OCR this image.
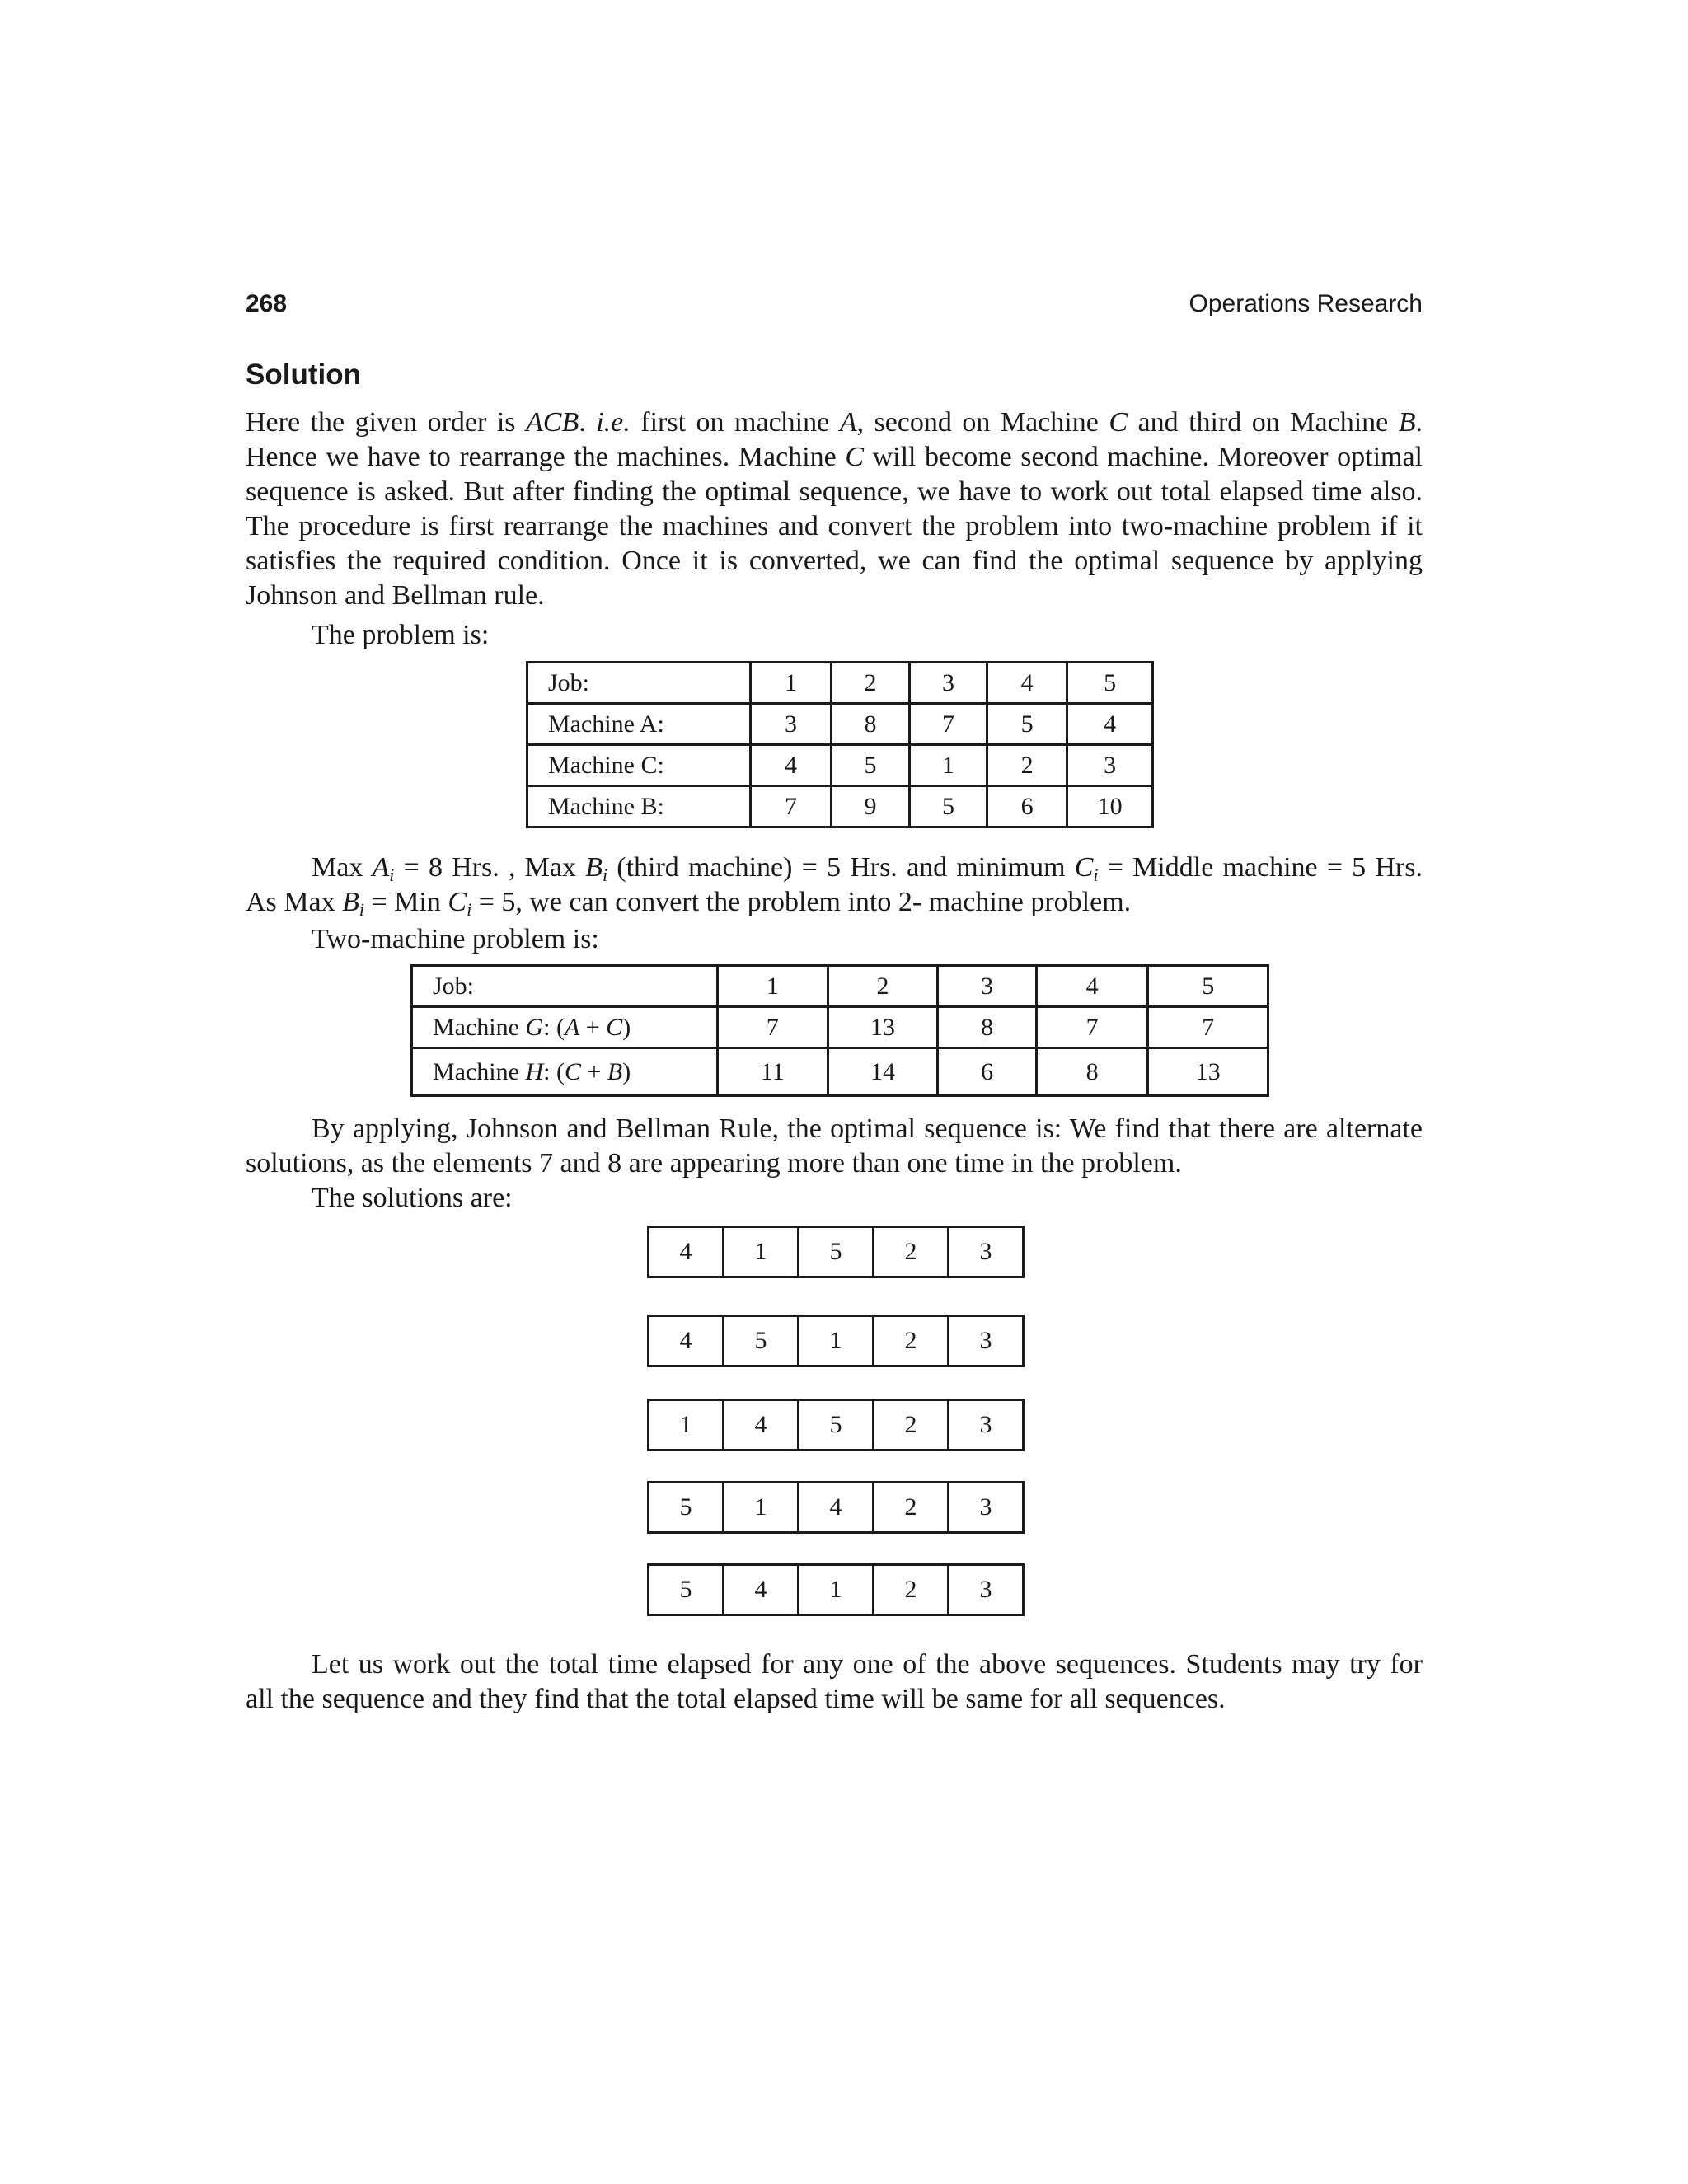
268	Operations Research
Solution
Here the given order is ACB. i.e. first on machine A, second on Machine C and third on Machine B.
Hence we have to rearrange the machines. Machine C will become second machine. Moreover optimal
sequence is asked. But after finding the optimal sequence, we have to work out total elapsed time also.
The procedure is first rearrange the machines and convert the problem into two-machine problem if it
satisfies the required condition. Once it is converted, we can find the optimal sequence by applying
Johnson and Bellman rule.
The problem is:
Job:	1	2	3	4	5
Machine A:	3	8	7	5	4
Machine C:	4	5	1	2	3
Machine B:	7	9	5	6	10
Max $A_i = 8$ Hrs. , Max $B_i$ (third machine) = 5 Hrs. and minimum $C_i$ = Middle machine = 5 Hrs.
As Max $B_i$ = Min $C_i = 5$, we can convert the problem into 2- machine problem.
Two-machine problem is:
Job:	1	2	3	4	5
Machine G: (A + C)	7	13	8	7	7
Machine H: (C + B)	11	14	6	8	13
By applying, Johnson and Bellman Rule, the optimal sequence is: We find that there are alternate
solutions, as the elements 7 and 8 are appearing more than one time in the problem.
The solutions are:
4	1	5	2	3
4	5	1	2	3
1	4	5	2	3
5	1	4	2	3
5	4	1	2	3
Let us work out the total time elapsed for any one of the above sequences. Students may try for
all the sequence and they find that the total elapsed time will be same for all sequences.
